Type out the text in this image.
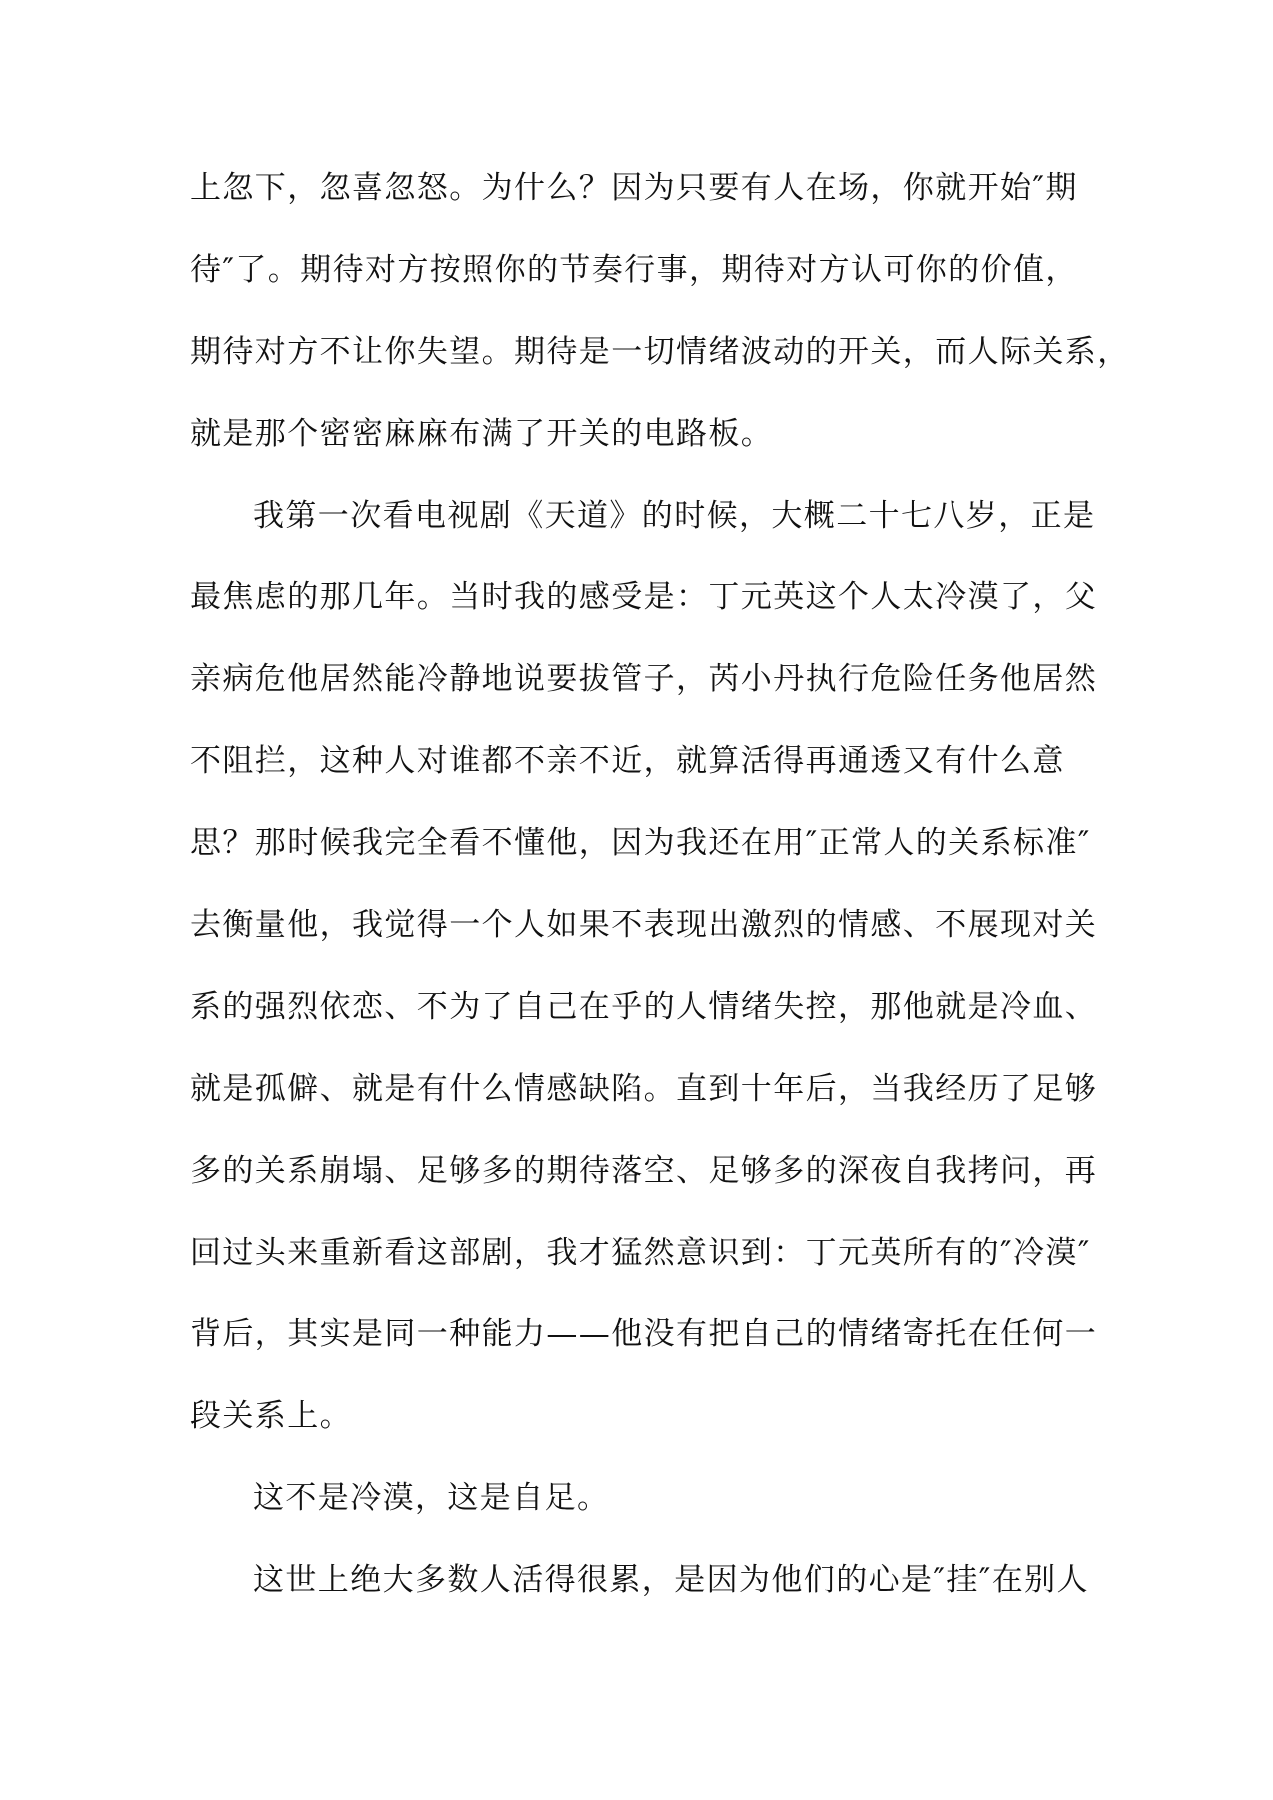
上忽下，忽喜忽怒。为什么？因为只要有人在场，你就开始″期
待″了。期待对方按照你的节奏行事，期待对方认可你的价值，
期待对方不让你失望。期待是一切情绪波动的开关，而人际关系，
就是那个密密麻麻布满了开关的电路板。
我第一次看电视剧《天道》的时候，大概二十七八岁，正是
最焦虑的那几年。当时我的感受是：丁元英这个人太冷漠了，父
亲病危他居然能冷静地说要拔管子，芮小丹执行危险任务他居然
不阻拦，这种人对谁都不亲不近，就算活得再通透又有什么意
思？那时候我完全看不懂他，因为我还在用″正常人的关系标准″
去衡量他，我觉得一个人如果不表现出激烈的情感、不展现对关
系的强烈依恋、不为了自己在乎的人情绪失控，那他就是冷血、
就是孤僻、就是有什么情感缺陷。直到十年后，当我经历了足够
多的关系崩塌、足够多的期待落空、足够多的深夜自我拷问，再
回过头来重新看这部剧，我才猛然意识到：丁元英所有的″冷漠″
背后，其实是同一种能力——他没有把自己的情绪寄托在任何一
段关系上。
这不是冷漠，这是自足。
这世上绝大多数人活得很累，是因为他们的心是″挂″在别人
